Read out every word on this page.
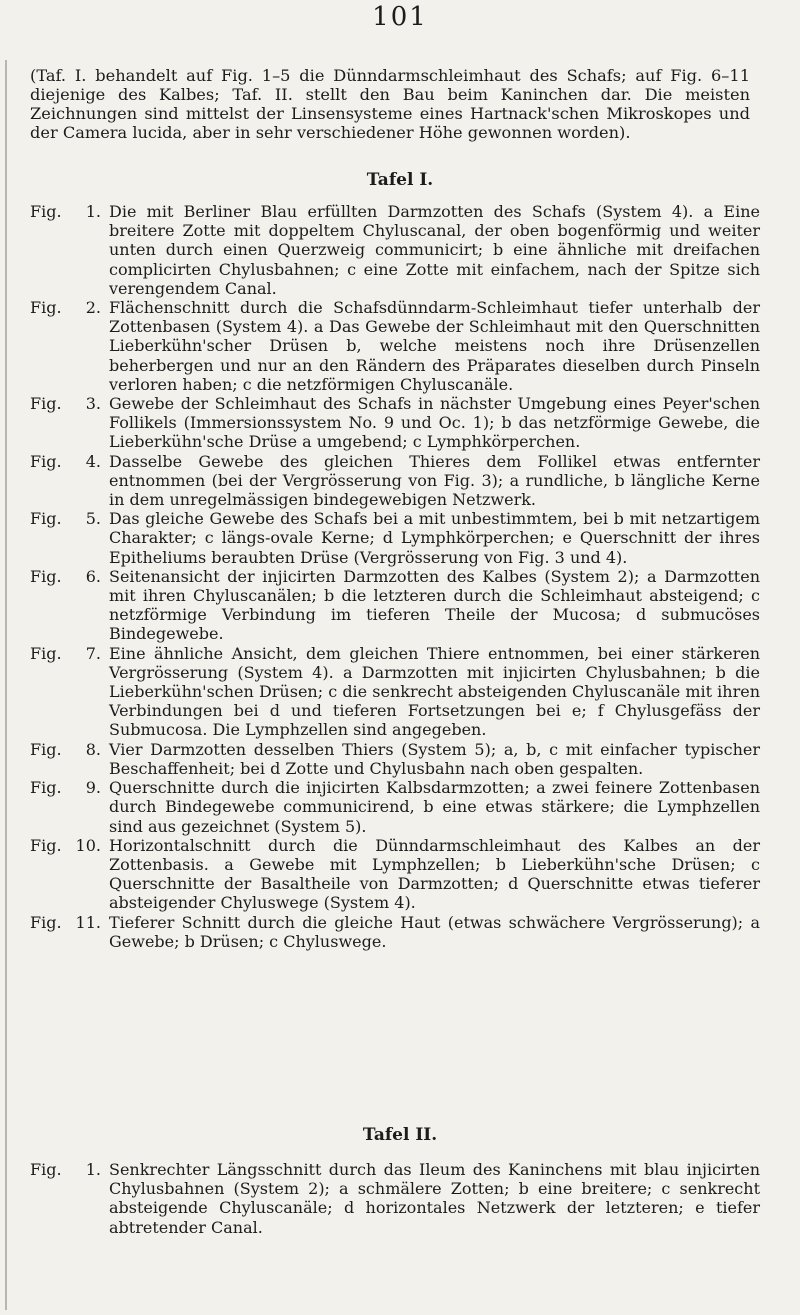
101

(Taf. I. behandelt auf Fig. 1–5 die Dünndarmschleimhaut des Schafs; auf Fig. 6–11 diejenige des Kalbes; Taf. II. stellt den Bau beim Kaninchen dar. Die meisten Zeichnungen sind mittelst der Linsensysteme eines Hartnack'schen Mikroskopes und der Camera lucida, aber in sehr verschiedener Höhe gewonnen worden).

Tafel I.
Fig.	1. Die mit Berliner Blau erfüllten Darmzotten des Schafs (System 4). a Eine breitere Zotte mit doppeltem Chyluscanal, der oben bogenförmig und weiter unten durch einen Querzweig communicirt; b eine ähnliche mit dreifachen complicirten Chylusbahnen; c eine Zotte mit einfachem, nach der Spitze sich verengendem Canal.
Fig.	2. Flächenschnitt durch die Schafsdünndarm-Schleimhaut tiefer unterhalb der Zottenbasen (System 4). a Das Gewebe der Schleimhaut mit den Querschnitten Lieberkühn'scher Drüsen b, welche meistens noch ihre Drüsenzellen beherbergen und nur an den Rändern des Präparates dieselben durch Pinseln verloren haben; c die netzförmigen Chyluscanäle.
Fig.	3. Gewebe der Schleimhaut des Schafs in nächster Umgebung eines Peyer'schen Follikels (Immersionssystem No. 9 und Oc. 1); b das netzförmige Gewebe, die Lieberkühn'sche Drüse a umgebend; c Lymphkörperchen.
Fig.	4. Dasselbe Gewebe des gleichen Thieres dem Follikel etwas entfernter entnommen (bei der Vergrösserung von Fig. 3); a rundliche, b längliche Kerne in dem unregelmässigen bindegewebigen Netzwerk.
Fig.	5. Das gleiche Gewebe des Schafs bei a mit unbestimmtem, bei b mit netzartigem Charakter; c längs-ovale Kerne; d Lymphkörperchen; e Querschnitt der ihres Epitheliums beraubten Drüse (Vergrösserung von Fig. 3 und 4).
Fig.	6. Seitenansicht der injicirten Darmzotten des Kalbes (System 2); a Darmzotten mit ihren Chyluscanälen; b die letzteren durch die Schleimhaut absteigend; c netzförmige Verbindung im tieferen Theile der Mucosa; d submucöses Bindegewebe.
Fig.	7. Eine ähnliche Ansicht, dem gleichen Thiere entnommen, bei einer stärkeren Vergrösserung (System 4). a Darmzotten mit injicirten Chylusbahnen; b die Lieberkühn'schen Drüsen; c die senkrecht absteigenden Chyluscanäle mit ihren Verbindungen bei d und tieferen Fortsetzungen bei e; f Chylusgefäss der Submucosa. Die Lymphzellen sind angegeben.
Fig.	8. Vier Darmzotten desselben Thiers (System 5); a, b, c mit einfacher typischer Beschaffenheit; bei d Zotte und Chylusbahn nach oben gespalten.
Fig.	9. Querschnitte durch die injicirten Kalbsdarmzotten; a zwei feinere Zottenbasen durch Bindegewebe communicirend, b eine etwas stärkere; die Lymphzellen sind aus gezeichnet (System 5).
Fig. 10. Horizontalschnitt durch die Dünndarmschleimhaut des Kalbes an der Zottenbasis. a Gewebe mit Lymphzellen; b Lieberkühn'sche Drüsen; c Querschnitte der Basaltheile von Darmzotten; d Querschnitte etwas tieferer absteigender Chyluswege (System 4).
Fig. 11. Tieferer Schnitt durch die gleiche Haut (etwas schwächere Vergrösserung); a Gewebe; b Drüsen; c Chyluswege.
Tafel II.
Fig.	1. Senkrechter Längsschnitt durch das Ileum des Kaninchens mit blau injicirten Chylusbahnen (System 2); a schmälere Zotten; b eine breitere; c senkrecht absteigende Chyluscanäle; d horizontales Netzwerk der letzteren; e tiefer abtretender Canal.
